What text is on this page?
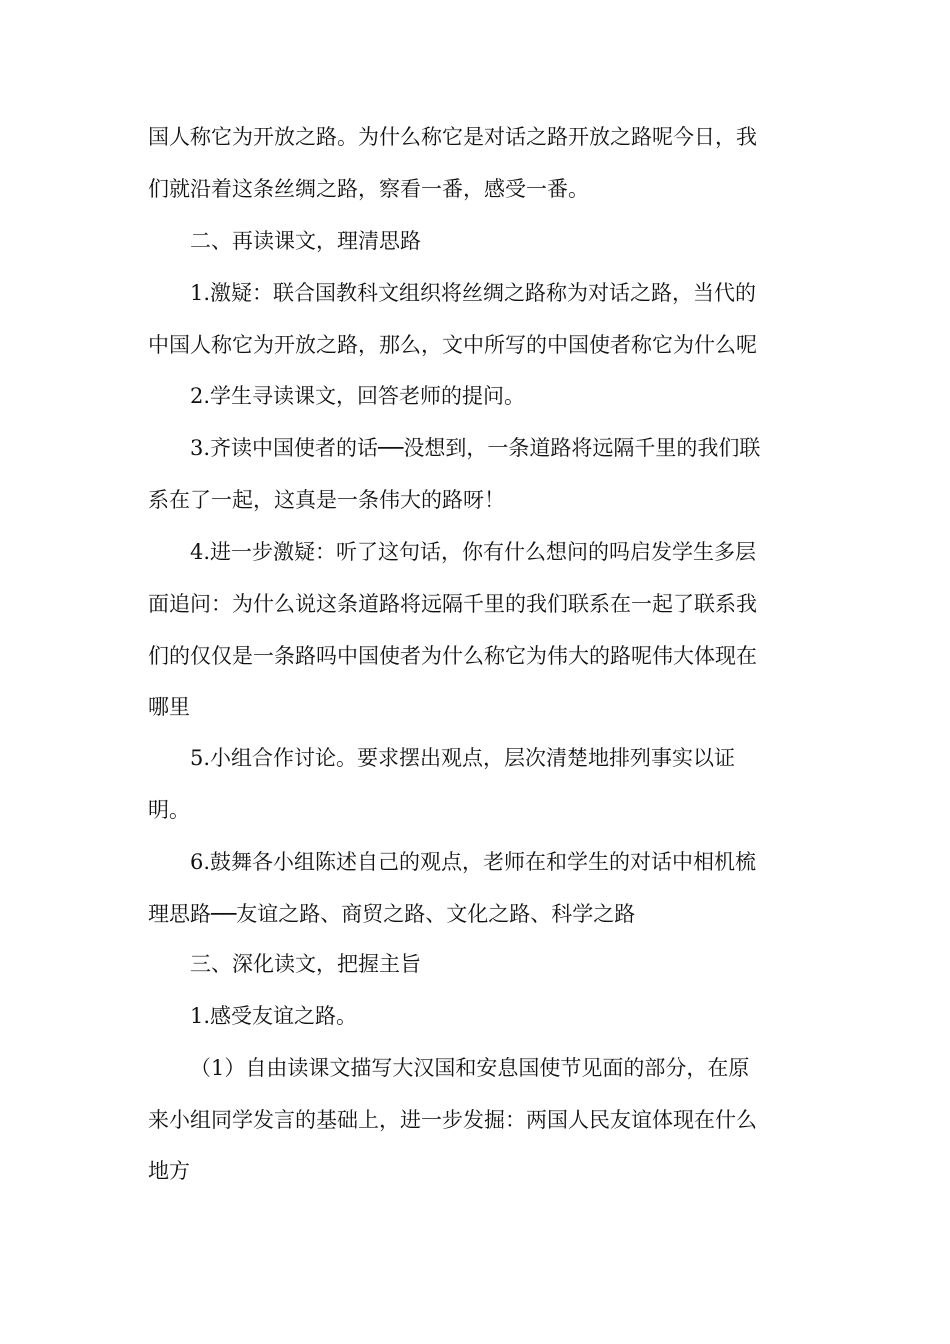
国人称它为开放之路。为什么称它是对话之路开放之路呢今日，我
们就沿着这条丝绸之路，察看一番，感受一番。
二、再读课文，理清思路
1.激疑：联合国教科文组织将丝绸之路称为对话之路，当代的
中国人称它为开放之路，那么，文中所写的中国使者称它为什么呢
2.学生寻读课文，回答老师的提问。
3.齐读中国使者的话──没想到，一条道路将远隔千里的我们联
系在了一起，这真是一条伟大的路呀！
4.进一步激疑：听了这句话，你有什么想问的吗启发学生多层
面追问：为什么说这条道路将远隔千里的我们联系在一起了联系我
们的仅仅是一条路吗中国使者为什么称它为伟大的路呢伟大体现在
哪里
5.小组合作讨论。要求摆出观点，层次清楚地排列事实以证
明。
6.鼓舞各小组陈述自己的观点，老师在和学生的对话中相机梳
理思路──友谊之路、商贸之路、文化之路、科学之路
三、深化读文，把握主旨
1.感受友谊之路。
（1）自由读课文描写大汉国和安息国使节见面的部分，在原
来小组同学发言的基础上，进一步发掘：两国人民友谊体现在什么
地方
